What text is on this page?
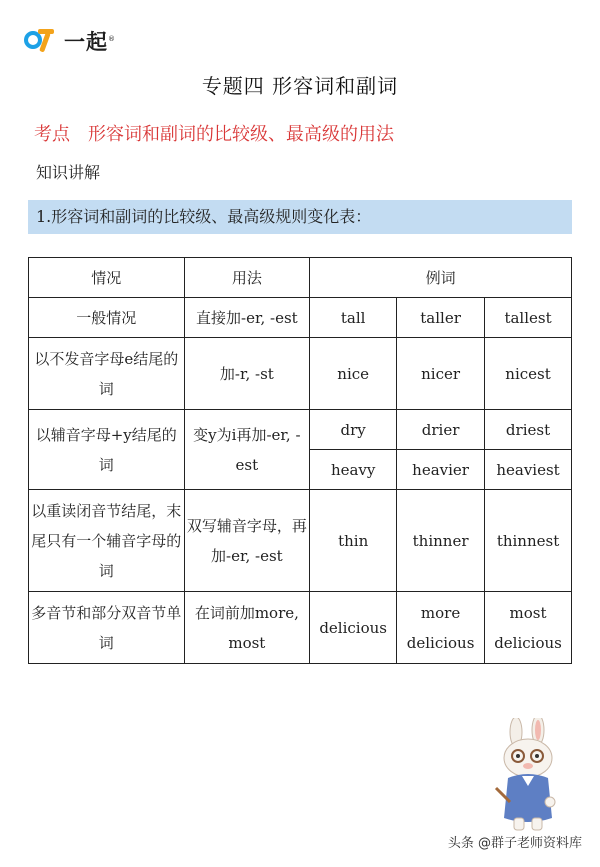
一起®
专题四 形容词和副词
考点 形容词和副词的比较级、最高级的用法
知识讲解
1.形容词和副词的比较级、最高级规则变化表：
情况	用法	例词		
一般情况	直接加-er, -est	tall	taller	tallest
以不发音字母e结尾的词	加-r, -st	nice	nicer	nicest
以辅音字母+y结尾的词	变y为i再加-er, -est	dry	drier	driest
		heavy	heavier	heaviest
以重读闭音节结尾，末尾只有一个辅音字母的词	双写辅音字母，再加-er, -est	thin	thinner	thinnest
多音节和部分双音节单词	在词前加more, most	delicious	more delicious	most delicious
头条 @群子老师资料库
